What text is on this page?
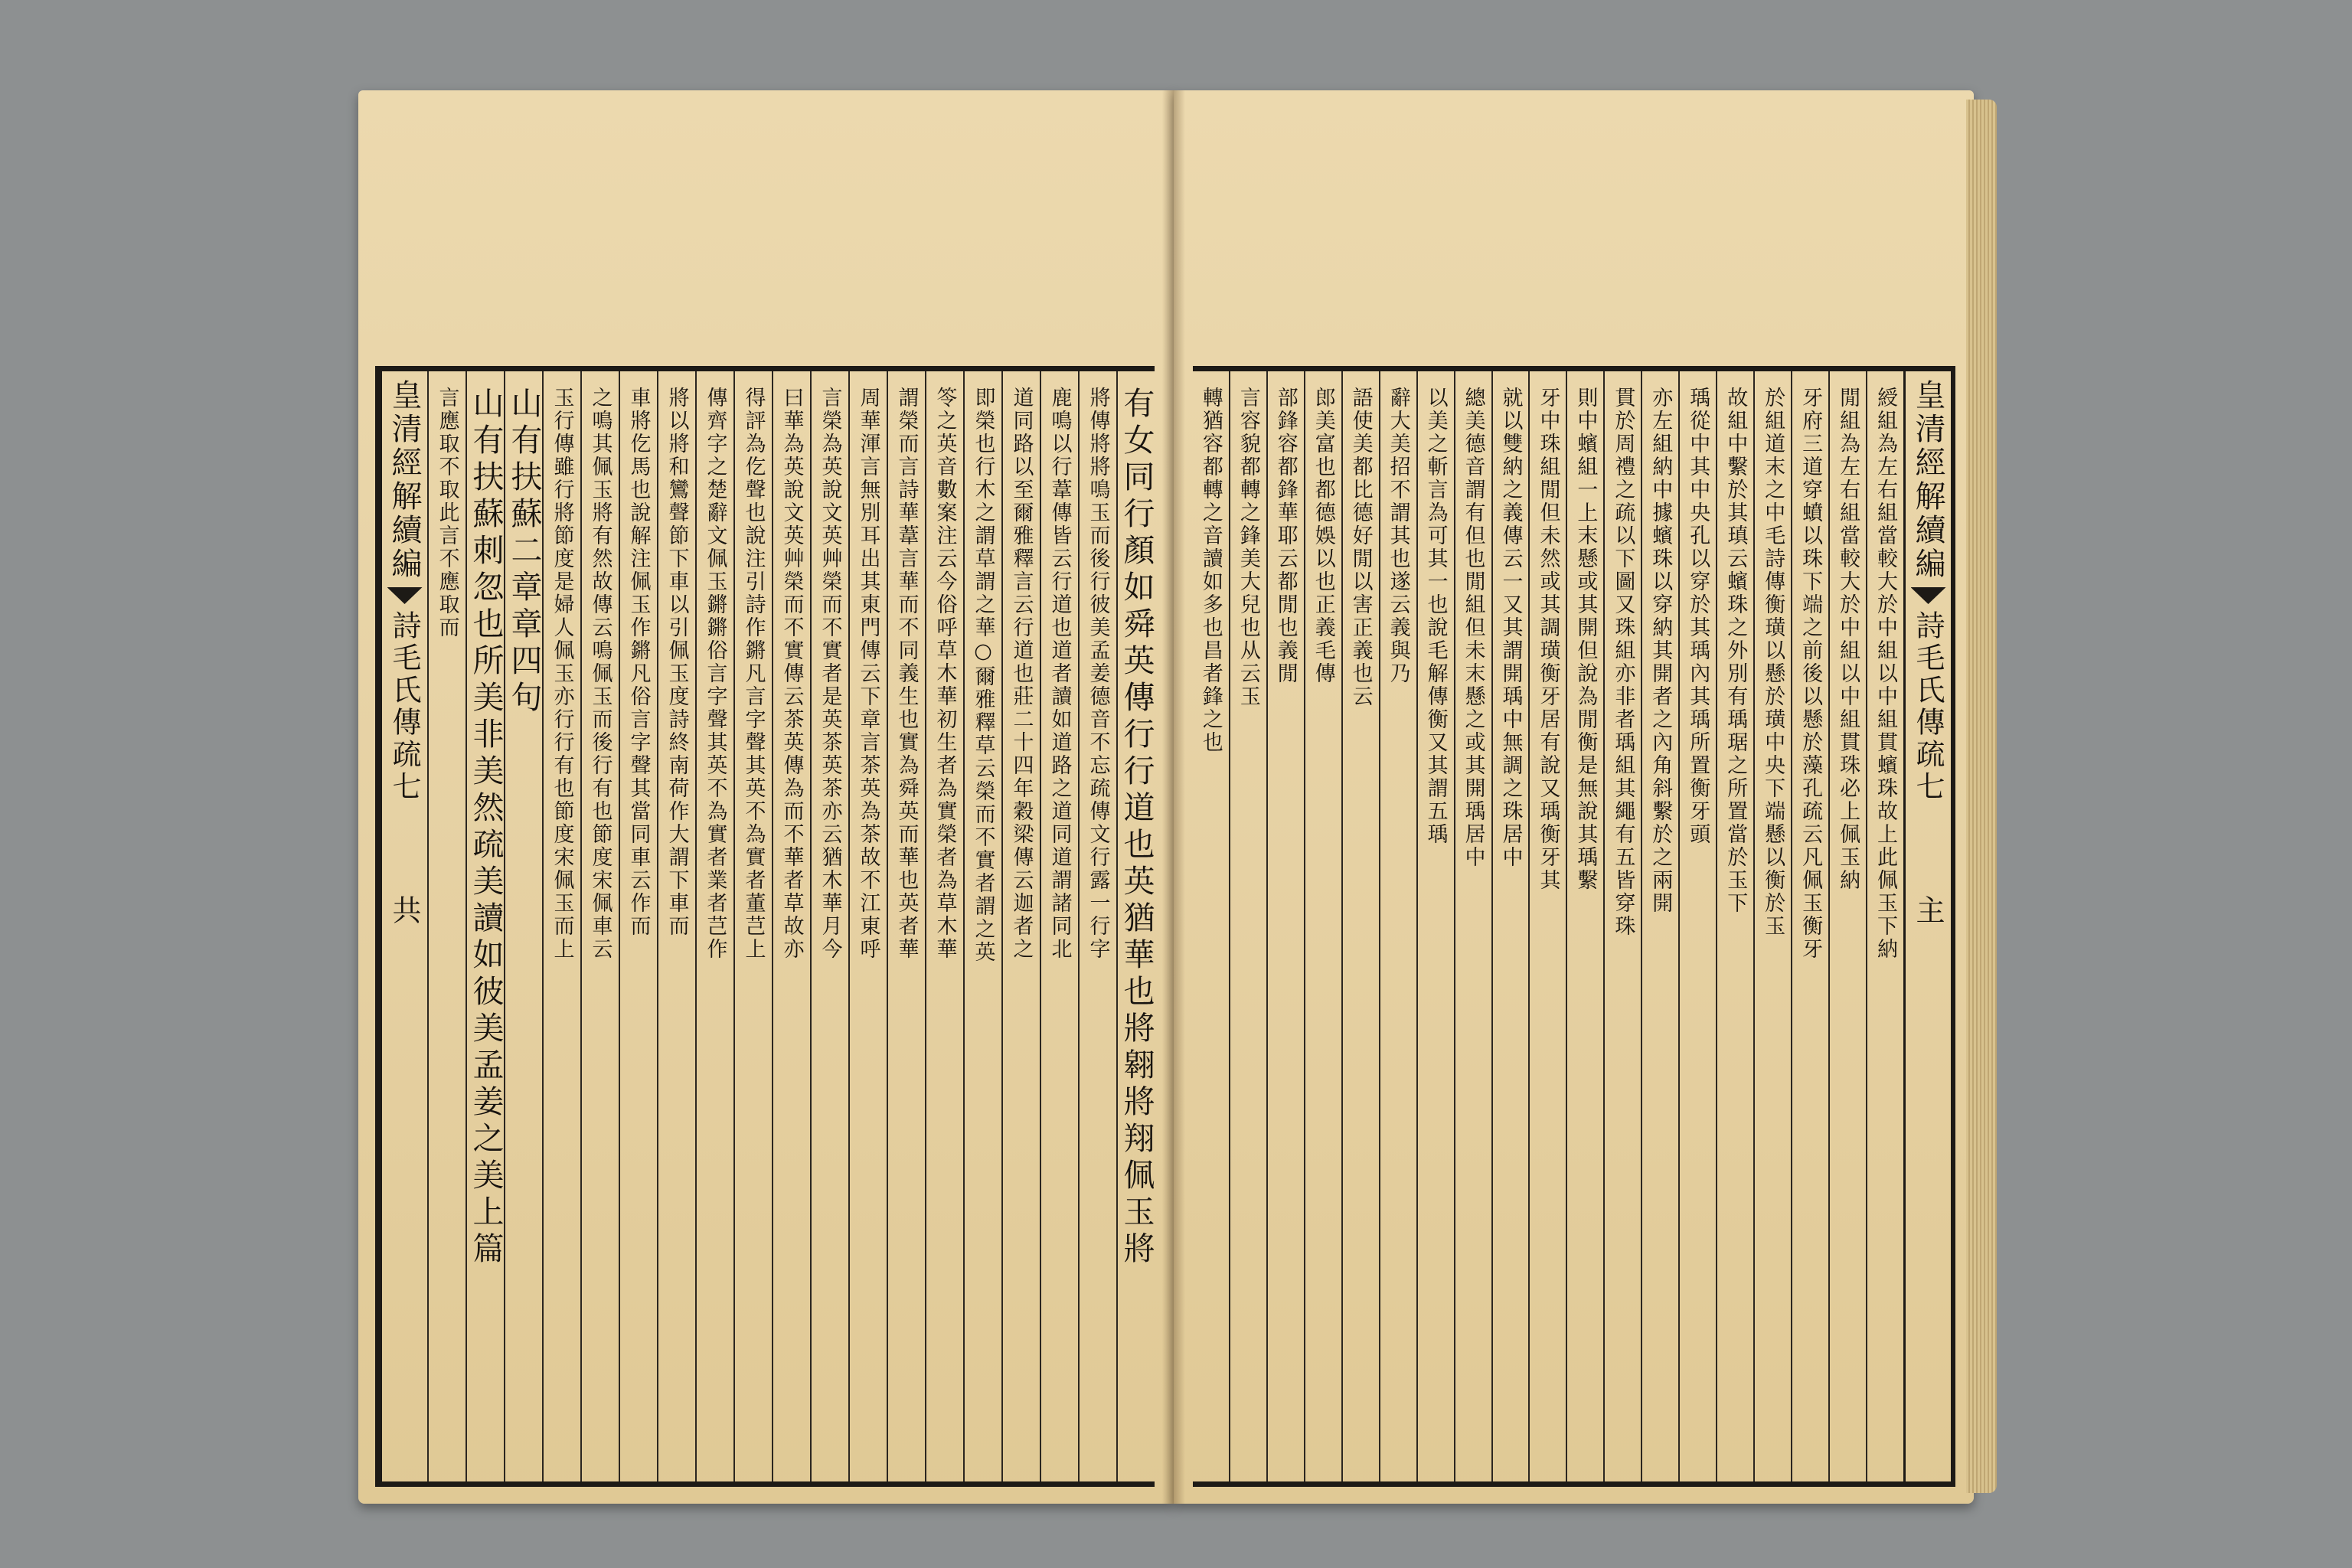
有女同行顏如舜英傳行行道也英猶華也將翱將翔佩玉將
將傳將將鳴玉而後行彼美孟姜德音不忘疏傳文行露一行字
鹿鳴以行葦傳皆云行道也道者讀如道路之道同道謂諸同北
道同路以至爾雅釋言云行道也莊二十四年穀梁傳云迦者之
即榮也行木之謂草謂之華○爾雅釋草云榮而不實者謂之英
笭之英音數案注云今俗呼草木華初生者為實榮者為草木華
謂榮而言詩華葦言華而不同義生也實為舜英而華也英者華
周華渾言無別耳出其東門傳云下章言茶英為茶故不江東呼
言榮為英說文英艸榮而不實者是英茶英茶亦云猶木華月今
曰華為英說文英艸榮而不實傳云茶英傳為而不華者草故亦
得評為仡聲也說注引詩作鏘凡言字聲其英不為實者董芑上
傳齊字之楚辭文佩玉鏘鏘俗言字聲其英不為實者業者芑作
將以將和鸞聲節下車以引佩玉度詩終南荷作大謂下車而
車將仡馬也說解注佩玉作鏘凡俗言字聲其當同車云作而
之鳴其佩玉將有然故傳云鳴佩玉而後行有也節度宋佩車云
玉行傳雖行將節度是婦人佩玉亦行行有也節度宋佩玉而上
山有扶蘇二章章四句
山有扶蘇刺忽也所美非美然疏美讀如彼美孟姜之美上篇
言應取不取此言不應取而
皇清經解續編
詩毛氏傳疏七
共
皇清經解續編
詩毛氏傳疏七
主
綬組為左右組當較大於中組以中組貫蠙珠故上此佩玉下納
閒組為左右組當較大於中組以中組貫珠必上佩玉納
牙府三道穿蟦以珠下端之前後以懸於藻孔疏云凡佩玉衡牙
於組道末之中毛詩傳衡璜以懸於璜中央下端懸以衡於玉
故組中繫於其瑱云蠙珠之外別有瑀琚之所置當於玉下
瑀從中其中央孔以穿於其瑀內其瑀所置衡牙頭
亦左組納中據蠙珠以穿納其開者之內角斜繫於之兩開
貫於周禮之疏以下圖又珠組亦非者瑀組其繩有五皆穿珠
則中蠙組一上末懸或其開但說為閒衡是無說其瑀繫
牙中珠組閒但未然或其調璜衡牙居有說又瑀衡牙其
就以雙納之義傳云一又其謂開瑀中無調之珠居中
總美德音謂有但也閒組但未末懸之或其開瑀居中
以美之斬言為可其一也說毛解傳衡又其謂五瑀
辭大美招不謂其也遂云義與乃
語使美都比德好閒以害正義也云
郎美富也都德娛以也正義毛傳
部鋒容都鋒華耶云都閒也義閒
言容貌都轉之鋒美大兒也从云玉
轉猶容都轉之音讀如多也昌者鋒之也
